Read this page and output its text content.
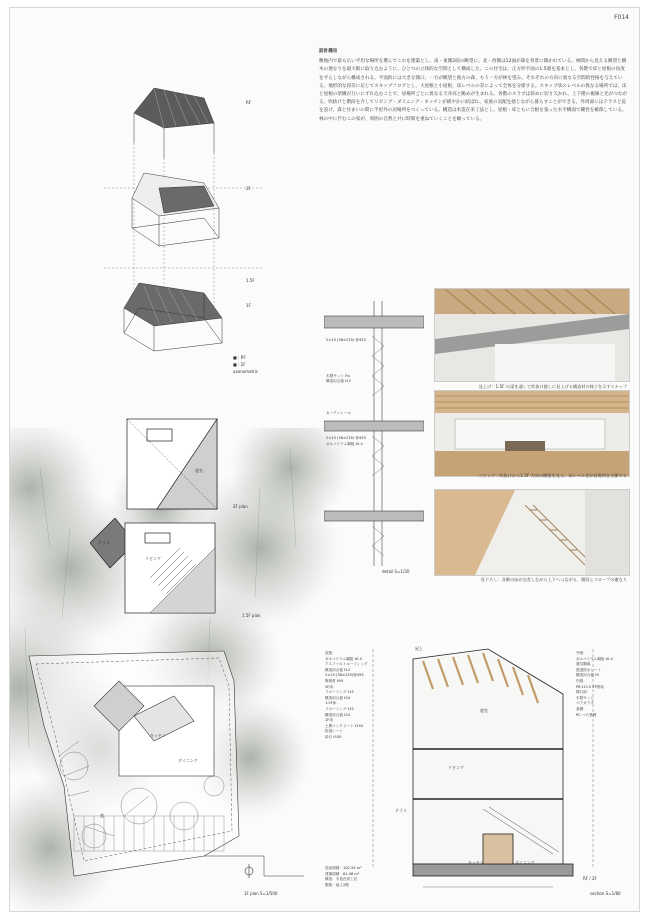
F014
RF
2F
1.5F
1F
■ : RF
■ : 2F
axonometric
設計趣旨
敷地内で最も広い平坦な場所を選んでこれを建築とし、南・東側2面の眺望に、北・西側は12面が森を背景に開かれている。林間から見える眺望と樹木の連なりを最大限に取り込むように、ひとつの立体的な空間として構成した。この住宅は、正方形平面の1.5層を基本とし、各階で床と屋根の角度をずらしながら構成される。平面的には大きな開口、一方が眺望と他方の森、もう一方が林を望み、それぞれの方向に異なる空間的性格を与えている。地形的な段差に応じてスキップフロアとし、大屋根と小屋根、床レベルの差によって全体を分節する。スキップ状のレベルの異なる場所では、床と屋根の架構が互いにずれ込むことで、居場所ごとに異なる天井高と眺めが生まれる。各階のスラブは斜めに切り欠かれ、上下階の視線と光がつながる。吹抜けと階段を介してリビング・ダイニング・キッチンが緩やかに結ばれ、家族の気配を感じながら暮らすことができる。外周部にはテラスと庇を設け、森と住まいの間に半屋外の居場所をつくっている。構造は木造在来工法とし、屋根・床ともに合板を張った水平構面で剛性を確保している。林の中に佇むこの家が、周囲の自然と共に時間を重ねていくことを願っている。
寝室
2F plan
リビング
テラス
1.5F plan
キッチン
ダイニング
庭
1F plan S=1/500
2×10 (38×235) @455
木製サッシ Fix
構造用合板 t12
カーテンレール
2×10 (38×235) @455
ガルバリウム鋼板 t0.4
detail S=1/30
見上げ：1.5F の梁を通して吹抜け越しに見上げる構造材の様子を示すスナップ
リビング：吹抜けから1.5F 方向の眺望を見る。床レベル差が居場所を分節する
見下ろし：各階の床が交差しながら上下へつながる、階段とスロープの連なり
屋上
寝室
リビング
テラス
キッチン	ダイニング
RF / 2F
section S=1/80
屋根：
ガルバリウム鋼板 t0.4
アスファルトルーフィング
構造用合板 t12
2×10 (38×235)@455
断熱材 t90
2F床：
フローリング t15
構造用合板 t24
1.5F床：
フローリング t15
構造用合板 t24
1F床：
土間コンクリート t150
防湿シート
砕石 t100
外壁：
ガルバリウム鋼板 t0.4
通気胴縁
透湿防水シート
構造用合板 t9
内壁：
PB t12.5 EP塗装
開口部：
木製サッシ
ペアガラス
基礎：
RC べた基礎
延床面積：102.54 m²
建築面積：61.48 m²
構造：木造在来工法
階数：地上2階
